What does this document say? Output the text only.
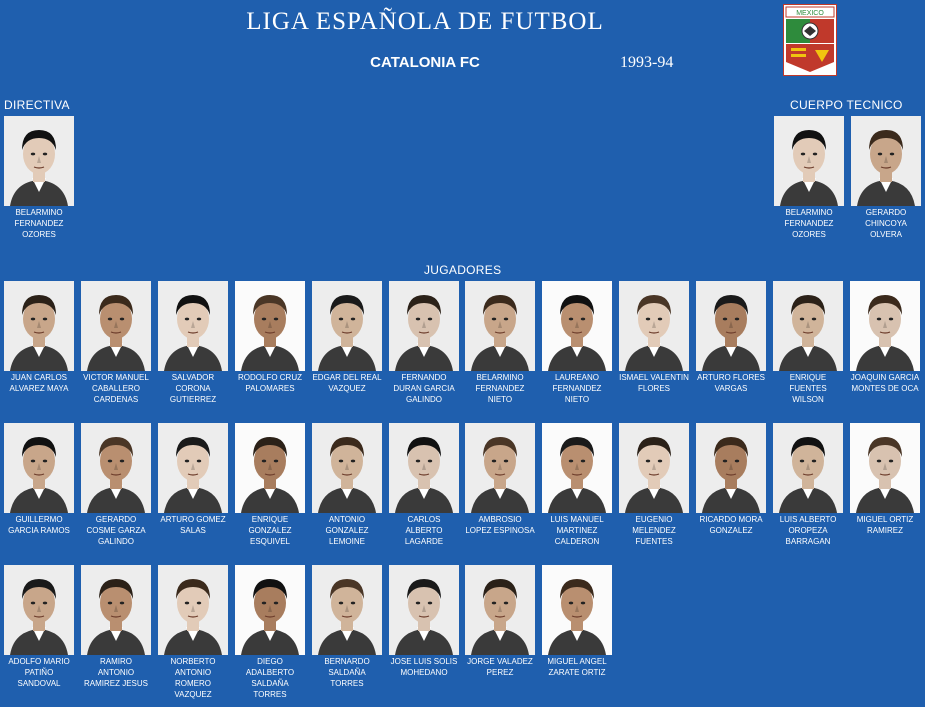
LIGA ESPAÑOLA DE FUTBOL
CATALONIA FC	1993-94
MEXICO
DIRECTIVA	CUERPO TECNICO
JUGADORES
BELARMINO FERNANDEZ OZORES
BELARMINO FERNANDEZ OZORES
GERARDO CHINCOYA OLVERA
JUAN CARLOS ALVAREZ MAYA
VICTOR MANUEL CABALLERO CARDENAS
SALVADOR CORONA GUTIERREZ
RODOLFO CRUZ PALOMARES
EDGAR DEL REAL VAZQUEZ
FERNANDO DURAN GARCIA GALINDO
BELARMINO FERNANDEZ NIETO
LAUREANO FERNANDEZ NIETO
ISMAEL VALENTIN FLORES
ARTURO FLORES VARGAS
ENRIQUE FUENTES WILSON
JOAQUIN GARCIA MONTES DE OCA
GUILLERMO GARCIA RAMOS
GERARDO COSME GARZA GALINDO
ARTURO GOMEZ SALAS
ENRIQUE GONZALEZ ESQUIVEL
ANTONIO GONZALEZ LEMOINE
CARLOS ALBERTO LAGARDE
AMBROSIO LOPEZ ESPINOSA
LUIS MANUEL MARTINEZ CALDERON
EUGENIO MELENDEZ FUENTES
RICARDO MORA GONZALEZ
LUIS ALBERTO OROPEZA BARRAGAN
MIGUEL ORTIZ RAMIREZ
ADOLFO MARIO PATIÑO SANDOVAL
RAMIRO ANTONIO RAMIREZ JESUS
NORBERTO ANTONIO ROMERO VAZQUEZ
DIEGO ADALBERTO SALDAÑA TORRES
BERNARDO SALDAÑA TORRES
JOSE LUIS SOLIS MOHEDANO
JORGE VALADEZ PEREZ
MIGUEL ANGEL ZARATE ORTIZ
